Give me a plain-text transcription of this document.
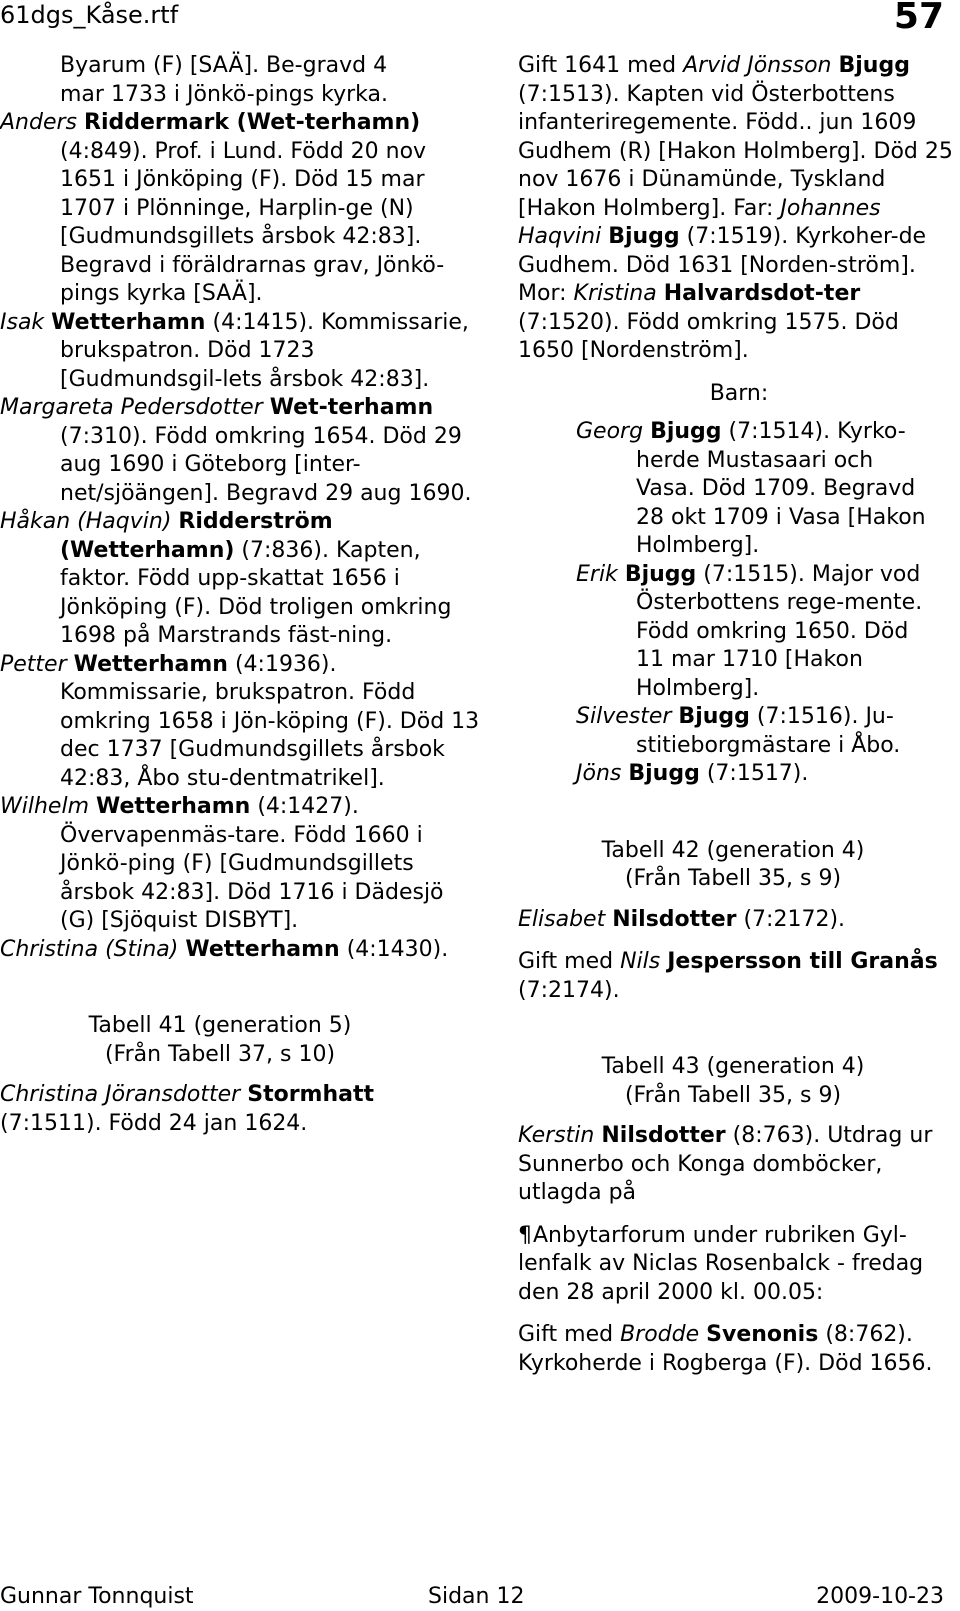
61dgs_Kåse.rtf	57

Byarum (F) [SAÄ]. Be-gravd 4 mar 1733 i Jönkö-pings kyrka.

Anders Riddermark (Wet-terhamn) (4:849). Prof. i Lund. Född 20 nov 1651 i Jönköping (F). Död 15 mar 1707 i Plönninge, Harplin-ge (N) [Gudmundsgillets årsbok 42:83]. Begravd i föräldrarnas grav, Jönkö-pings kyrka [SAÄ].

Isak Wetterhamn (4:1415). Kommissarie, brukspatron. Död 1723 [Gudmundsgil-lets årsbok 42:83].

Margareta Pedersdotter Wet-terhamn (7:310). Född omkring 1654. Död 29 aug 1690 i Göteborg [inter-net/sjöängen]. Begravd 29 aug 1690.

Håkan (Haqvin) Ridderström (Wetterhamn) (7:836). Kapten, faktor. Född upp-skattat 1656 i Jönköping (F). Död troligen omkring 1698 på Marstrands fäst-ning.

Petter Wetterhamn (4:1936). Kommissarie, brukspatron. Född omkring 1658 i Jön-köping (F). Död 13 dec 1737 [Gudmundsgillets årsbok 42:83, Åbo stu-dentmatrikel].

Wilhelm Wetterhamn (4:1427). Övervapenmäs-tare. Född 1660 i Jönkö-ping (F) [Gudmundsgillets årsbok 42:83]. Död 1716 i Dädesjö (G) [Sjöquist DISBYT].

Christina (Stina) Wetterhamn (4:1430).

Tabell 41 (generation 5)
(Från Tabell 37, s 10)

Christina Jöransdotter Stormhatt (7:1511). Född 24 jan 1624.

Gift 1641 med Arvid Jönsson Bjugg (7:1513). Kapten vid Österbottens infanteriregemente. Född.. jun 1609 Gudhem (R) [Hakon Holmberg]. Död 25 nov 1676 i Dünamünde, Tyskland [Hakon Holmberg]. Far: Johannes Haqvini Bjugg (7:1519). Kyrkoher-de Gudhem. Död 1631 [Norden-ström]. Mor: Kristina Halvardsdot-ter (7:1520). Född omkring 1575. Död 1650 [Nordenström].

Barn:

Georg Bjugg (7:1514). Kyrko-herde Mustasaari och Vasa. Död 1709. Begravd 28 okt 1709 i Vasa [Hakon Holmberg].

Erik Bjugg (7:1515). Major vod Österbottens rege-mente. Född omkring 1650. Död 11 mar 1710 [Hakon Holmberg].

Silvester Bjugg (7:1516). Ju-stitieborgmästare i Åbo.

Jöns Bjugg (7:1517).

Tabell 42 (generation 4)
(Från Tabell 35, s 9)

Elisabet Nilsdotter (7:2172).

Gift med Nils Jespersson till Granås (7:2174).

Tabell 43 (generation 4)
(Från Tabell 35, s 9)

Kerstin Nilsdotter (8:763). Utdrag ur Sunnerbo och Konga domböcker, utlagda på

¶Anbytarforum under rubriken Gyl-lenfalk av Niclas Rosenbalck - fredag den 28 april 2000 kl. 00.05:

Gift med Brodde Svenonis (8:762). Kyrkoherde i Rogberga (F). Död 1656.

Gunnar Tonnquist	Sidan 12	2009-10-23
